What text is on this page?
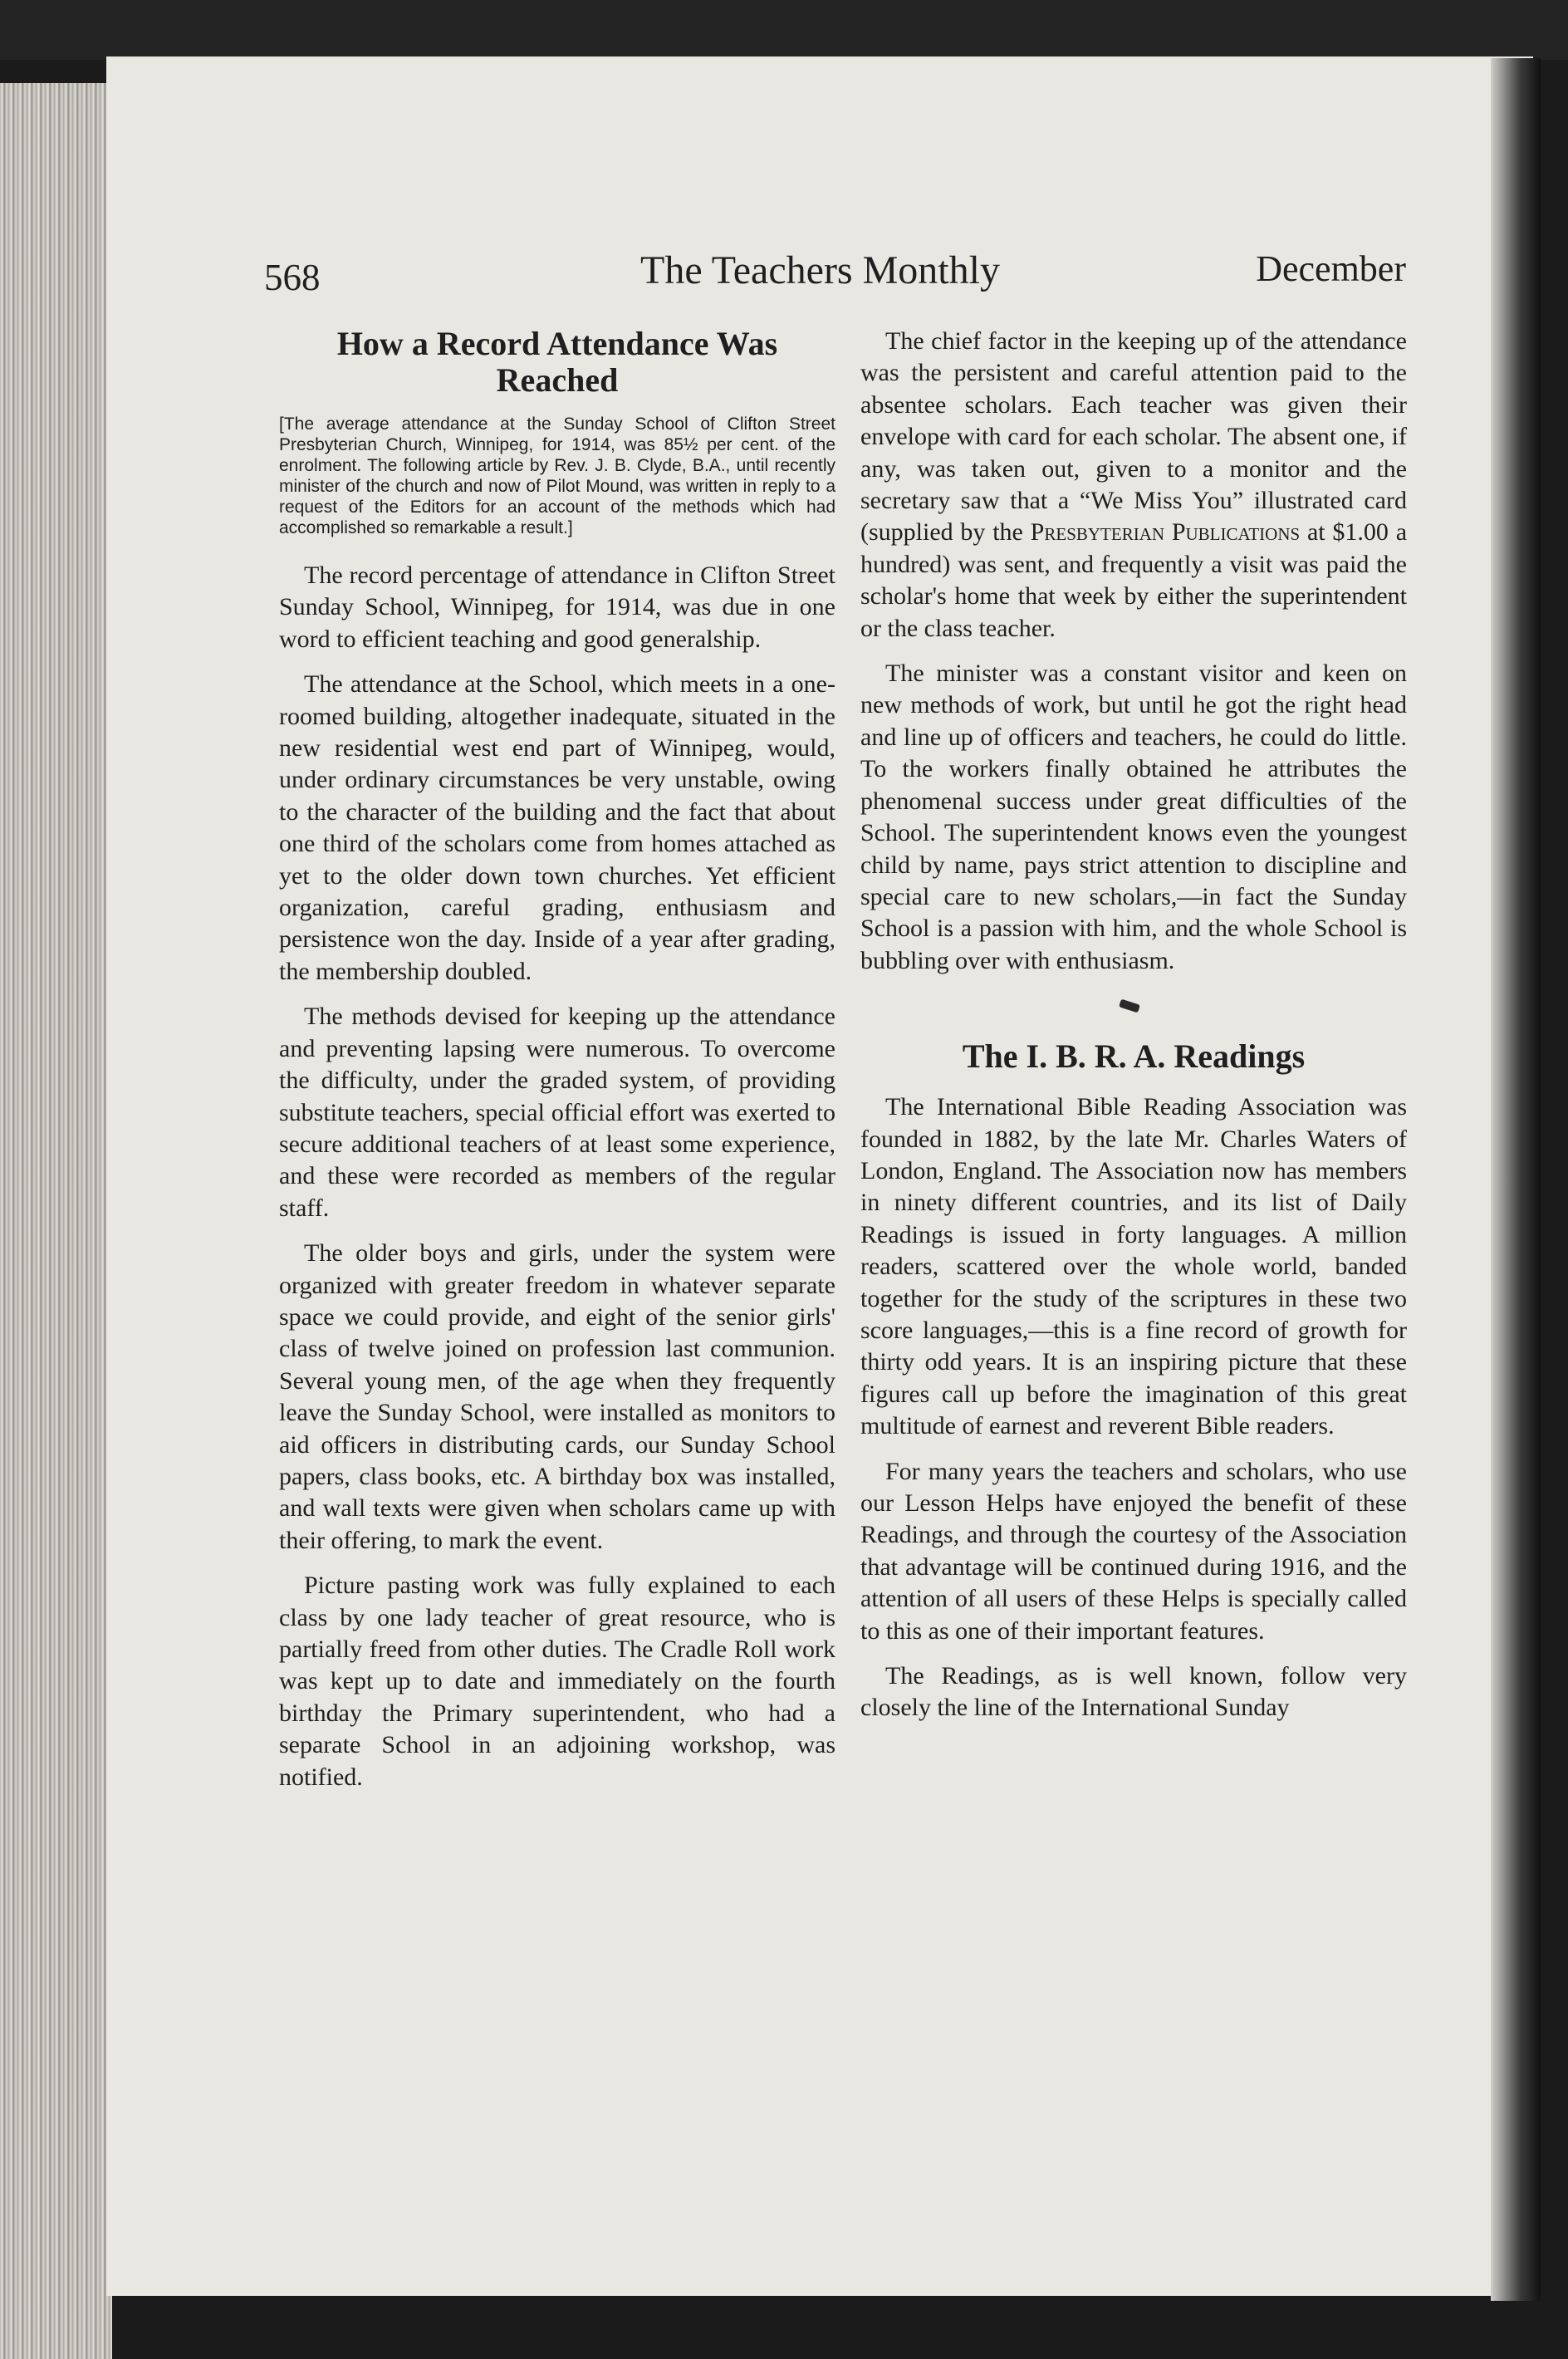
568	The Teachers Monthly	December
How a Record Attendance Was Reached
[The average attendance at the Sunday School of Clifton Street Presbyterian Church, Winnipeg, for 1914, was 85½ per cent. of the enrolment. The following article by Rev. J. B. Clyde, B.A., until recently minister of the church and now of Pilot Mound, was written in reply to a request of the Editors for an account of the methods which had accomplished so remarkable a result.]

The record percentage of attendance in Clifton Street Sunday School, Winnipeg, for 1914, was due in one word to efficient teaching and good generalship.

The attendance at the School, which meets in a one-roomed building, altogether inadequate, situated in the new residential west end part of Winnipeg, would, under ordinary circumstances be very unstable, owing to the character of the building and the fact that about one third of the scholars come from homes attached as yet to the older down town churches. Yet efficient organization, careful grading, enthusiasm and persistence won the day. Inside of a year after grading, the membership doubled.

The methods devised for keeping up the attendance and preventing lapsing were numerous. To overcome the difficulty, under the graded system, of providing substitute teachers, special official effort was exerted to secure additional teachers of at least some experience, and these were recorded as members of the regular staff.

The older boys and girls, under the system were organized with greater freedom in whatever separate space we could provide, and eight of the senior girls' class of twelve joined on profession last communion. Several young men, of the age when they frequently leave the Sunday School, were installed as monitors to aid officers in distributing cards, our Sunday School papers, class books, etc. A birthday box was installed, and wall texts were given when scholars came up with their offering, to mark the event.

Picture pasting work was fully explained to each class by one lady teacher of great resource, who is partially freed from other duties. The Cradle Roll work was kept up to date and immediately on the fourth birthday the Primary superintendent, who had a separate School in an adjoining workshop, was notified.

The chief factor in the keeping up of the attendance was the persistent and careful attention paid to the absentee scholars. Each teacher was given their envelope with card for each scholar. The absent one, if any, was taken out, given to a monitor and the secretary saw that a “We Miss You” illustrated card (supplied by the Presbyterian Publications at $1.00 a hundred) was sent, and frequently a visit was paid the scholar's home that week by either the superintendent or the class teacher.

The minister was a constant visitor and keen on new methods of work, but until he got the right head and line up of officers and teachers, he could do little. To the workers finally obtained he attributes the phenomenal success under great difficulties of the School. The superintendent knows even the youngest child by name, pays strict attention to discipline and special care to new scholars,—in fact the Sunday School is a passion with him, and the whole School is bubbling over with enthusiasm.

The I. B. R. A. Readings

The International Bible Reading Association was founded in 1882, by the late Mr. Charles Waters of London, England. The Association now has members in ninety different countries, and its list of Daily Readings is issued in forty languages. A million readers, scattered over the whole world, banded together for the study of the scriptures in these two score languages,—this is a fine record of growth for thirty odd years. It is an inspiring picture that these figures call up before the imagination of this great multitude of earnest and reverent Bible readers.

For many years the teachers and scholars, who use our Lesson Helps have enjoyed the benefit of these Readings, and through the courtesy of the Association that advantage will be continued during 1916, and the attention of all users of these Helps is specially called to this as one of their important features.

The Readings, as is well known, follow very closely the line of the International Sunday
